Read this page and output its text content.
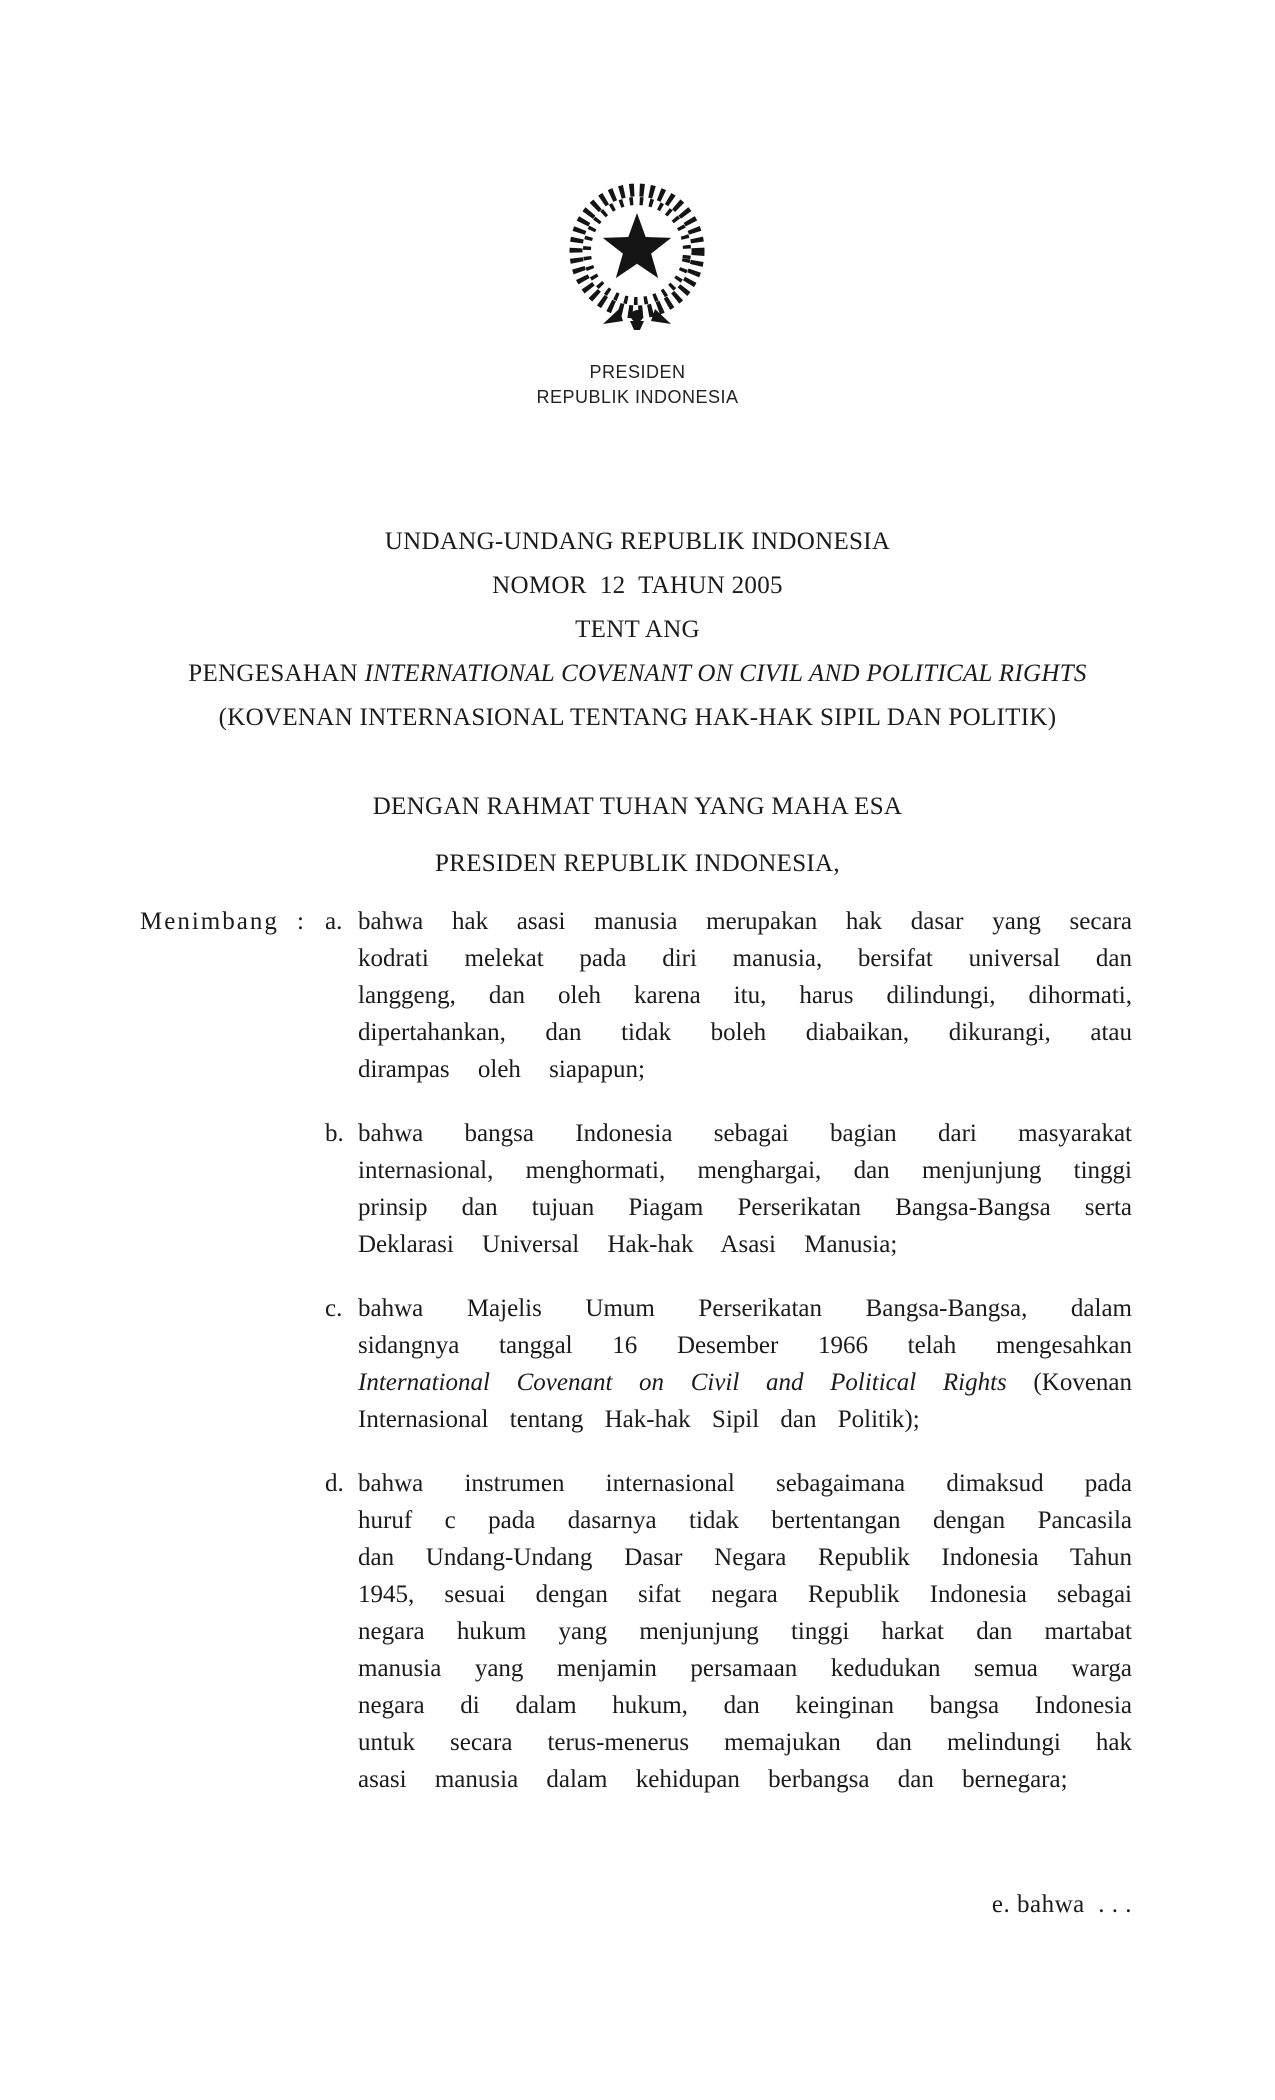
PRESIDEN
REPUBLIK INDONESIA
UNDANG-UNDANG REPUBLIK INDONESIA
NOMOR  12  TAHUN 2005
TENT ANG
PENGESAHAN INTERNATIONAL COVENANT ON CIVIL AND POLITICAL RIGHTS
(KOVENAN INTERNASIONAL TENTANG HAK-HAK SIPIL DAN POLITIK)
DENGAN RAHMAT TUHAN YANG MAHA ESA
PRESIDEN REPUBLIK INDONESIA,
Menimbang : a. bahwa hak asasi manusia merupakan hak dasar yang secara kodrati melekat pada diri manusia, bersifat universal dan langgeng, dan oleh karena itu, harus dilindungi, dihormati, dipertahankan, dan tidak boleh diabaikan, dikurangi, atau dirampas oleh siapapun;
b. bahwa bangsa Indonesia sebagai bagian dari masyarakat internasional, menghormati, menghargai, dan menjunjung tinggi prinsip dan tujuan Piagam Perserikatan Bangsa-Bangsa serta Deklarasi Universal Hak-hak Asasi Manusia;
c. bahwa Majelis Umum Perserikatan Bangsa-Bangsa, dalam sidangnya tanggal 16 Desember 1966 telah mengesahkan International Covenant on Civil and Political Rights (Kovenan Internasional tentang Hak-hak Sipil dan Politik);
d. bahwa instrumen internasional sebagaimana dimaksud pada huruf c pada dasarnya tidak bertentangan dengan Pancasila dan Undang-Undang Dasar Negara Republik Indonesia Tahun 1945, sesuai dengan sifat negara Republik Indonesia sebagai negara hukum yang menjunjung tinggi harkat dan martabat manusia yang menjamin persamaan kedudukan semua warga negara di dalam hukum, dan keinginan bangsa Indonesia untuk secara terus-menerus memajukan dan melindungi hak asasi manusia dalam kehidupan berbangsa dan bernegara;
e. bahwa  . . .
